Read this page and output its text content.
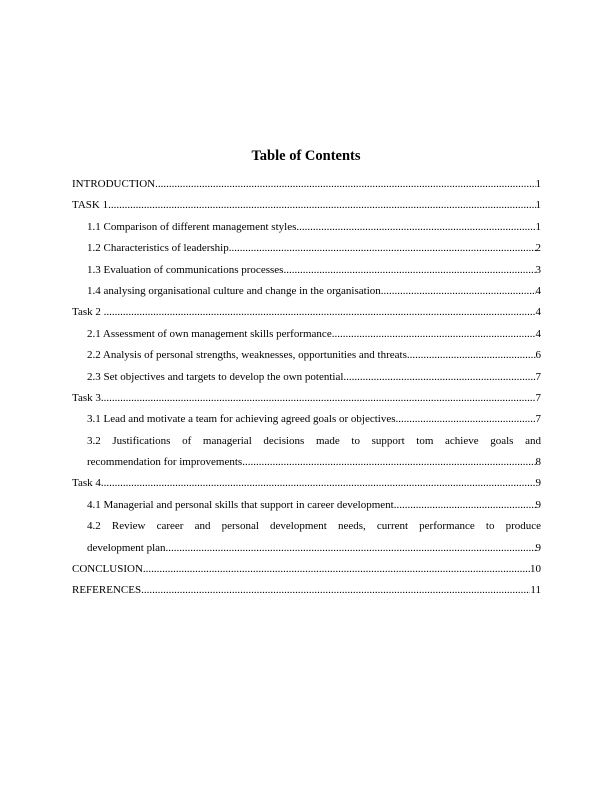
Table of Contents
INTRODUCTION .....	1
TASK 1 .....	1
1.1 Comparison of different management styles .....	1
1.2 Characteristics of leadership .....	2
1.3 Evaluation of communications processes .....	3
1.4 analysing organisational culture and change in the organisation .....	4
Task 2 .....	4
2.1 Assessment of own management skills performance .....	4
2.2 Analysis of personal strengths, weaknesses, opportunities and threats .....	6
2.3 Set objectives and targets to develop the own potential .....	7
Task 3 .....	7
3.1 Lead and motivate a team for achieving agreed goals or objectives .....	7
3.2 Justifications of managerial decisions made to support tom achieve goals and
recommendation for improvements .....	8
Task 4 .....	9
4.1 Managerial and personal skills that support in career development .....	9
4.2 Review career and personal development needs, current performance to produce
development plan .....	9
CONCLUSION .....	10
REFERENCES .....	11
